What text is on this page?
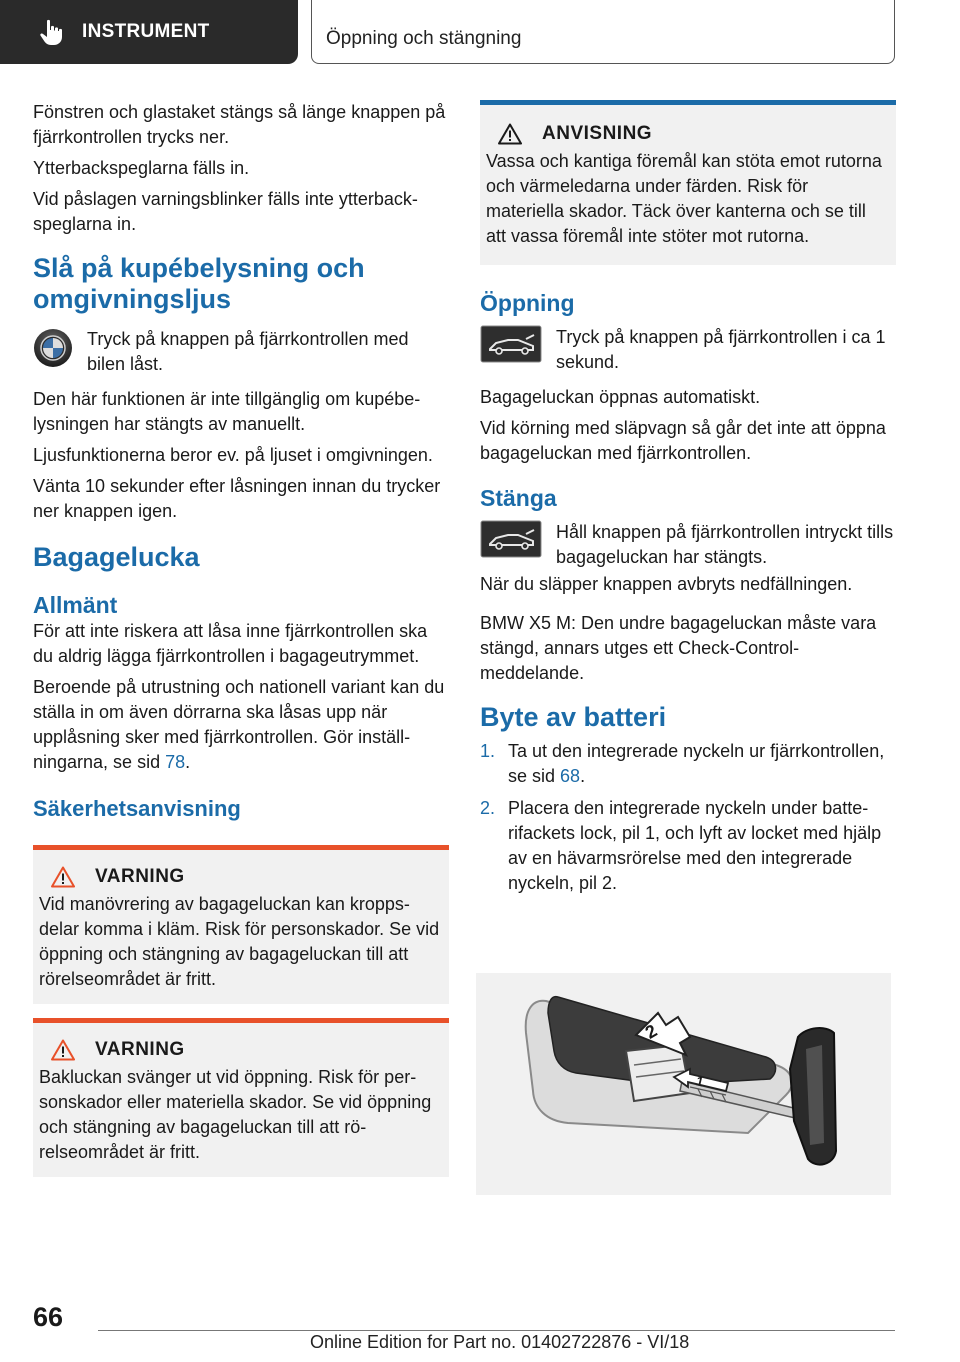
INSTRUMENT	Öppning och stängning

Fönstren och glastaket stängs så länge knappen på fjärrkontrollen trycks ner.

Ytterbackspeglarna fälls in.

Vid påslagen varningsblinker fälls inte ytterbackspeglarna in.

Slå på kupébelysning och omgivningsljus

Tryck på knappen på fjärrkontrollen med bilen låst.

Den här funktionen är inte tillgänglig om kupébelysningen har stängts av manuellt.

Ljusfunktionerna beror ev. på ljuset i omgivningen.

Vänta 10 sekunder efter låsningen innan du trycker ner knappen igen.

Bagagelucka
Allmänt

För att inte riskera att låsa inne fjärrkontrollen ska du aldrig lägga fjärrkontrollen i bagageutrymmet.

Beroende på utrustning och nationell variant kan du ställa in om även dörrarna ska låsas upp när upplåsning sker med fjärrkontrollen. Gör inställningarna, se sid 78.

Säkerhetsanvisning
VARNING
Vid manövrering av bagageluckan kan kroppsdelar komma i kläm. Risk för personskador. Se vid öppning och stängning av bagageluckan till att rörelseområdet är fritt.
VARNING
Bakluckan svänger ut vid öppning. Risk för personskador eller materiella skador. Se vid öppning och stängning av bagageluckan till att rörelseområdet är fritt.
ANVISNING
Vassa och kantiga föremål kan stöta emot rutorna och värmeledarna under färden. Risk för materiella skador. Täck över kanterna och se till att vassa föremål inte stöter mot rutorna.
Öppning

Tryck på knappen på fjärrkontrollen i ca 1 sekund.

Bagageluckan öppnas automatiskt.

Vid körning med släpvagn så går det inte att öppna bagageluckan med fjärrkontrollen.

Stänga

Håll knappen på fjärrkontrollen intryckt tills bagageluckan har stängts.

När du släpper knappen avbryts nedfällningen.

BMW X5 M: Den undre bagageluckan måste vara stängd, annars utges ett Check-Control-meddelande.

Byte av batteri
1. Ta ut den integrerade nyckeln ur fjärrkontrollen, se sid 68.
2. Placera den integrerade nyckeln under batterifackets lock, pil 1, och lyft av locket med hjälp av en hävarmsrörelse med den integrerade nyckeln, pil 2.
2
1
66
Online Edition for Part no. 01402722876 - VI/18
